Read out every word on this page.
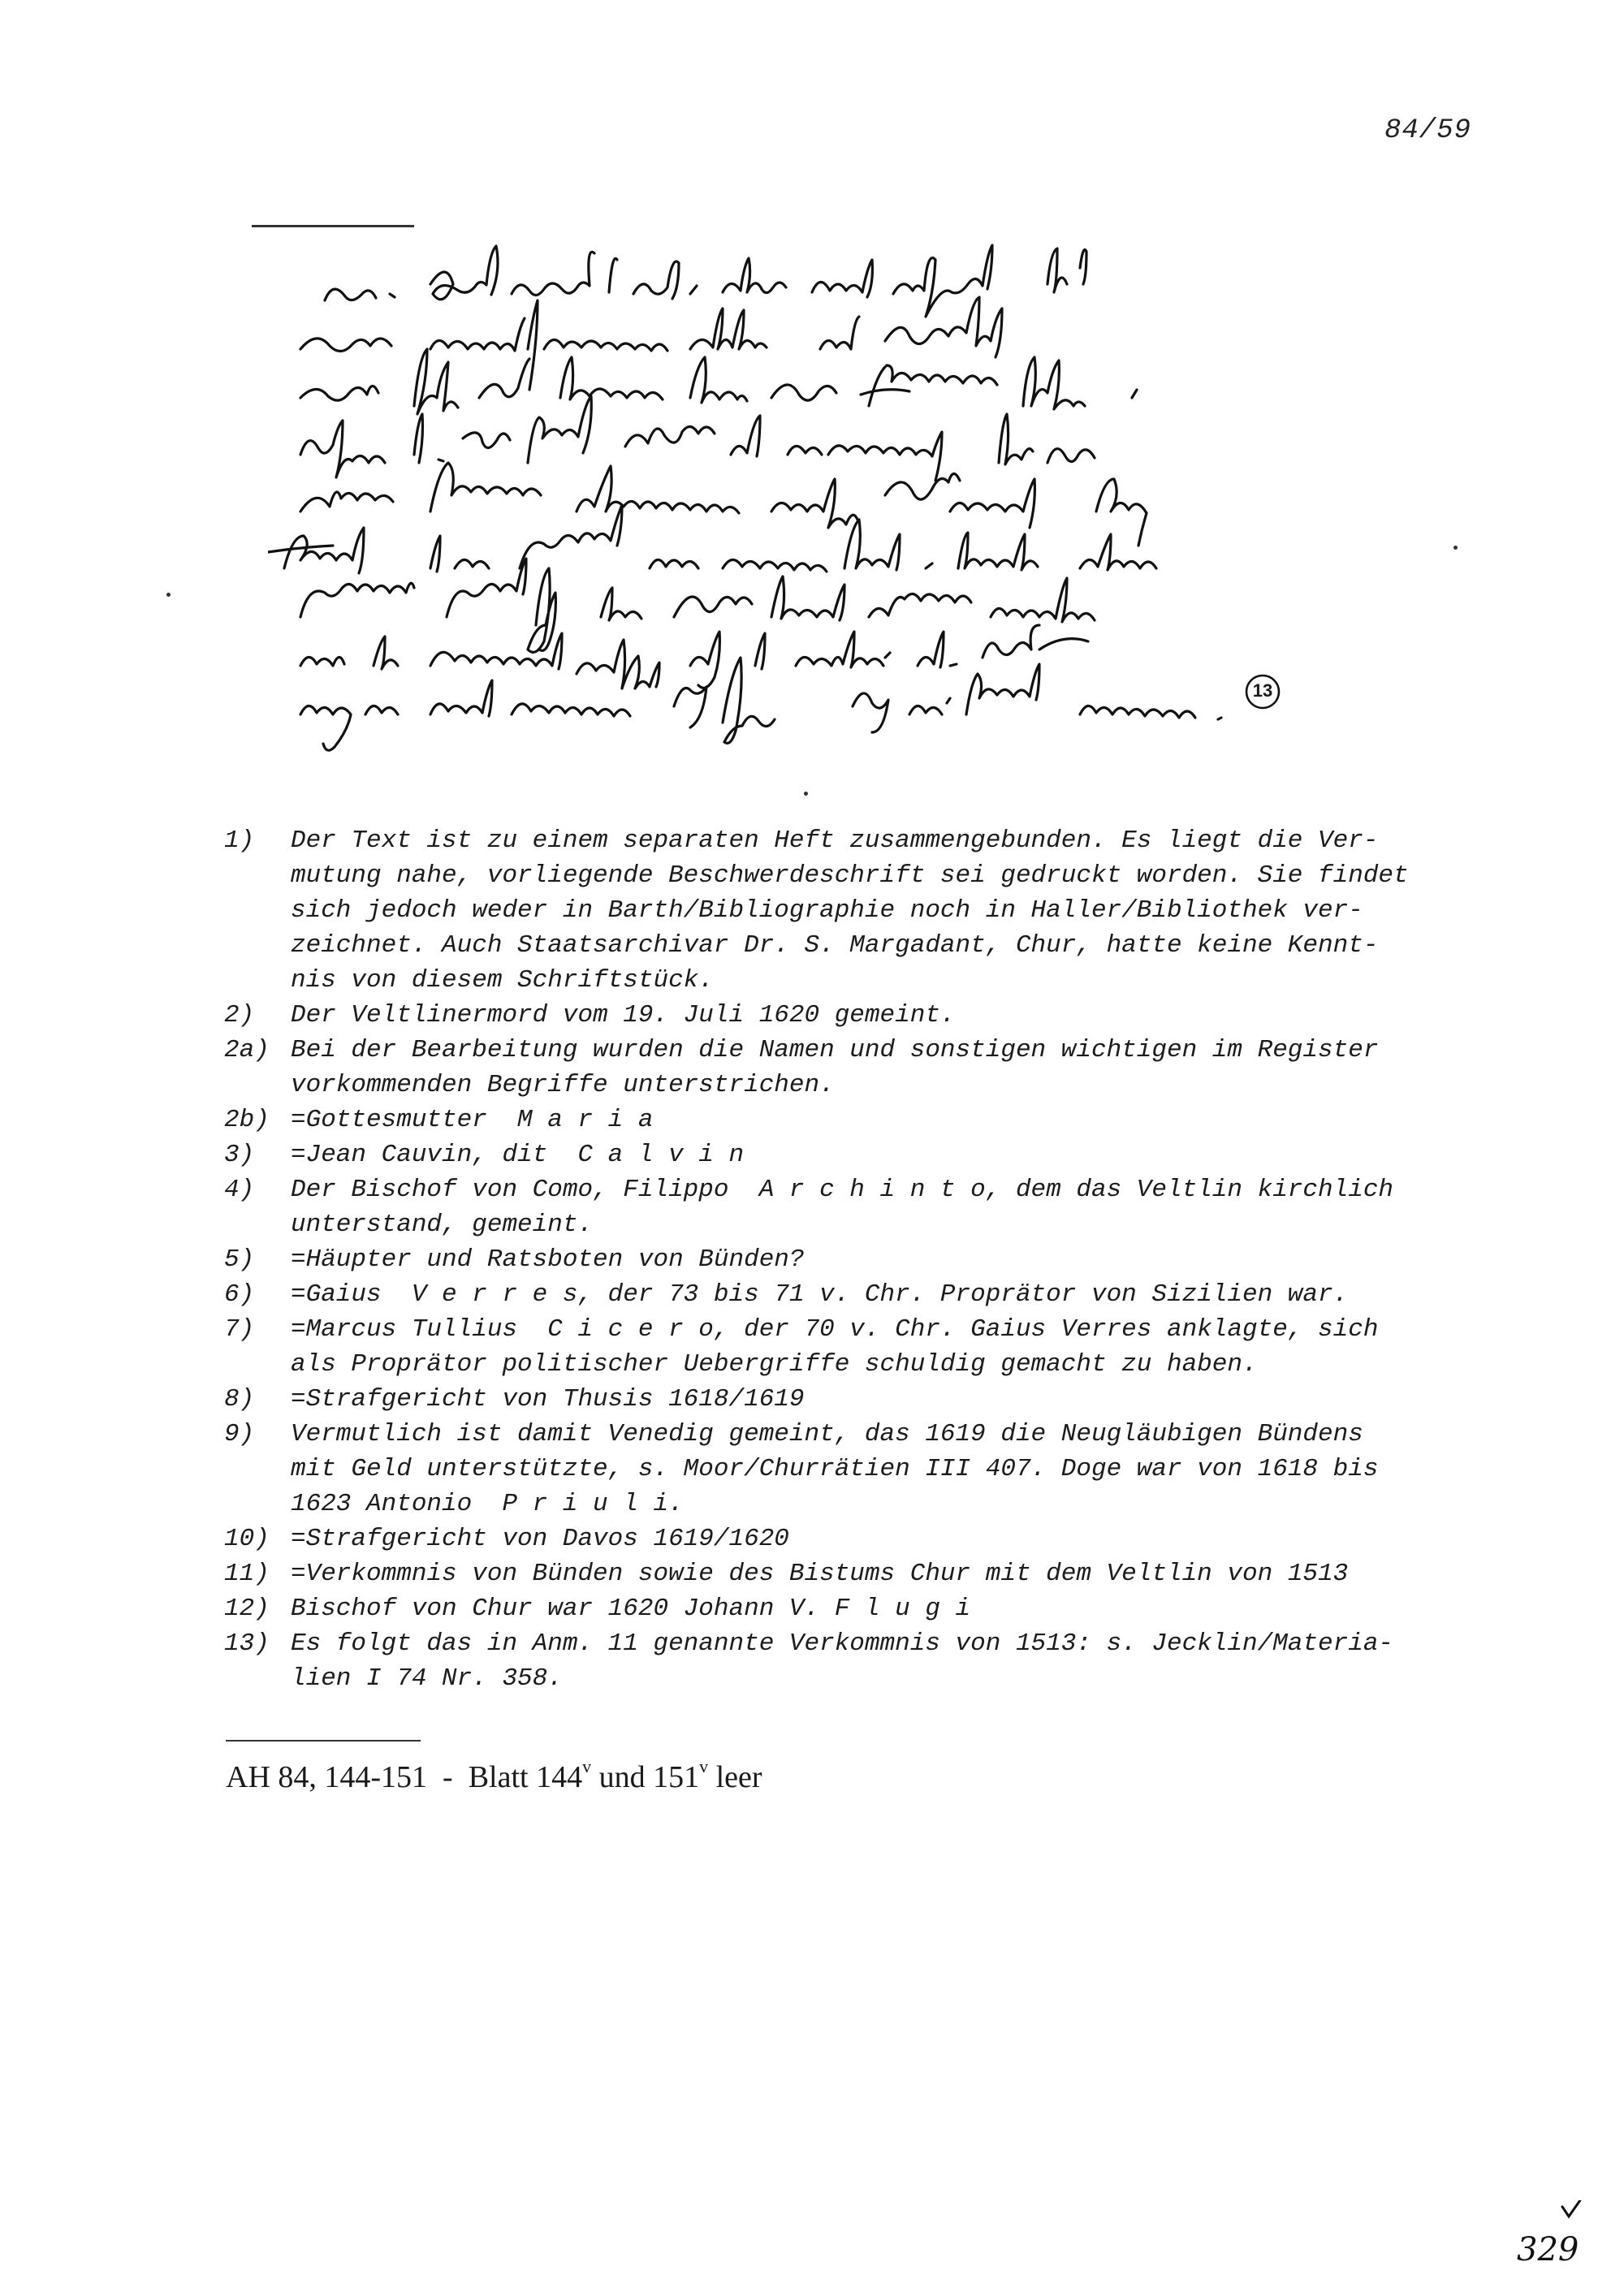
84/59
13
1)	Der Text ist zu einem separaten Heft zusammengebunden. Es liegt die Ver-
mutung nahe, vorliegende Beschwerdeschrift sei gedruckt worden. Sie findet
sich jedoch weder in Barth/Bibliographie noch in Haller/Bibliothek ver-
zeichnet. Auch Staatsarchivar Dr. S. Margadant, Chur, hatte keine Kennt-
nis von diesem Schriftstück.
2)	Der Veltlinermord vom 19. Juli 1620 gemeint.
2a) Bei der Bearbeitung wurden die Namen und sonstigen wichtigen im Register
vorkommenden Begriffe unterstrichen.
2b) =Gottesmutter  M a r i a
3)	=Jean Cauvin, dit  C a l v i n
4)	Der Bischof von Como, Filippo  A r c h i n t o, dem das Veltlin kirchlich
unterstand, gemeint.
5)	=Häupter und Ratsboten von Bünden?
6)	=Gaius  V e r r e s, der 73 bis 71 v. Chr. Proprätor von Sizilien war.
7)	=Marcus Tullius  C i c e r o, der 70 v. Chr. Gaius Verres anklagte, sich
als Proprätor politischer Uebergriffe schuldig gemacht zu haben.
8)	=Strafgericht von Thusis 1618/1619
9)	Vermutlich ist damit Venedig gemeint, das 1619 die Neugläubigen Bündens
mit Geld unterstützte, s. Moor/Churrätien III 407. Doge war von 1618 bis
1623 Antonio  P r i u l i.
10) =Strafgericht von Davos 1619/1620
11) =Verkommnis von Bünden sowie des Bistums Chur mit dem Veltlin von 1513
12) Bischof von Chur war 1620 Johann V. F l u g i
13) Es folgt das in Anm. 11 genannte Verkommnis von 1513: s. Jecklin/Materia-
lien I 74 Nr. 358.
AH 84, 144-151  -  Blatt 144$^v$ und 151$^v$ leer
329
